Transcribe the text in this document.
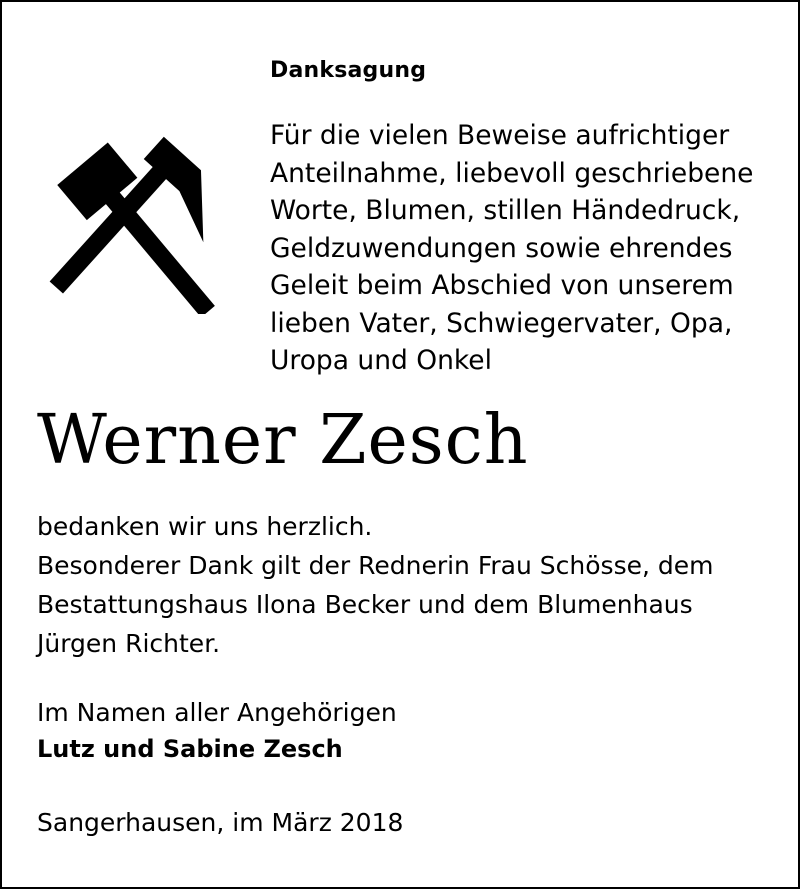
Danksagung
Für die vielen Beweise aufrichtiger
Anteilnahme, liebevoll geschriebene
Worte, Blumen, stillen Händedruck,
Geldzuwendungen sowie ehrendes
Geleit beim Abschied von unserem
lieben Vater, Schwiegervater, Opa,
Uropa und Onkel
Werner Zesch
bedanken wir uns herzlich.
Besonderer Dank gilt der Rednerin Frau Schösse, dem
Bestattungshaus Ilona Becker und dem Blumenhaus
Jürgen Richter.
Im Namen aller Angehörigen
Lutz und Sabine Zesch
Sangerhausen, im März 2018
